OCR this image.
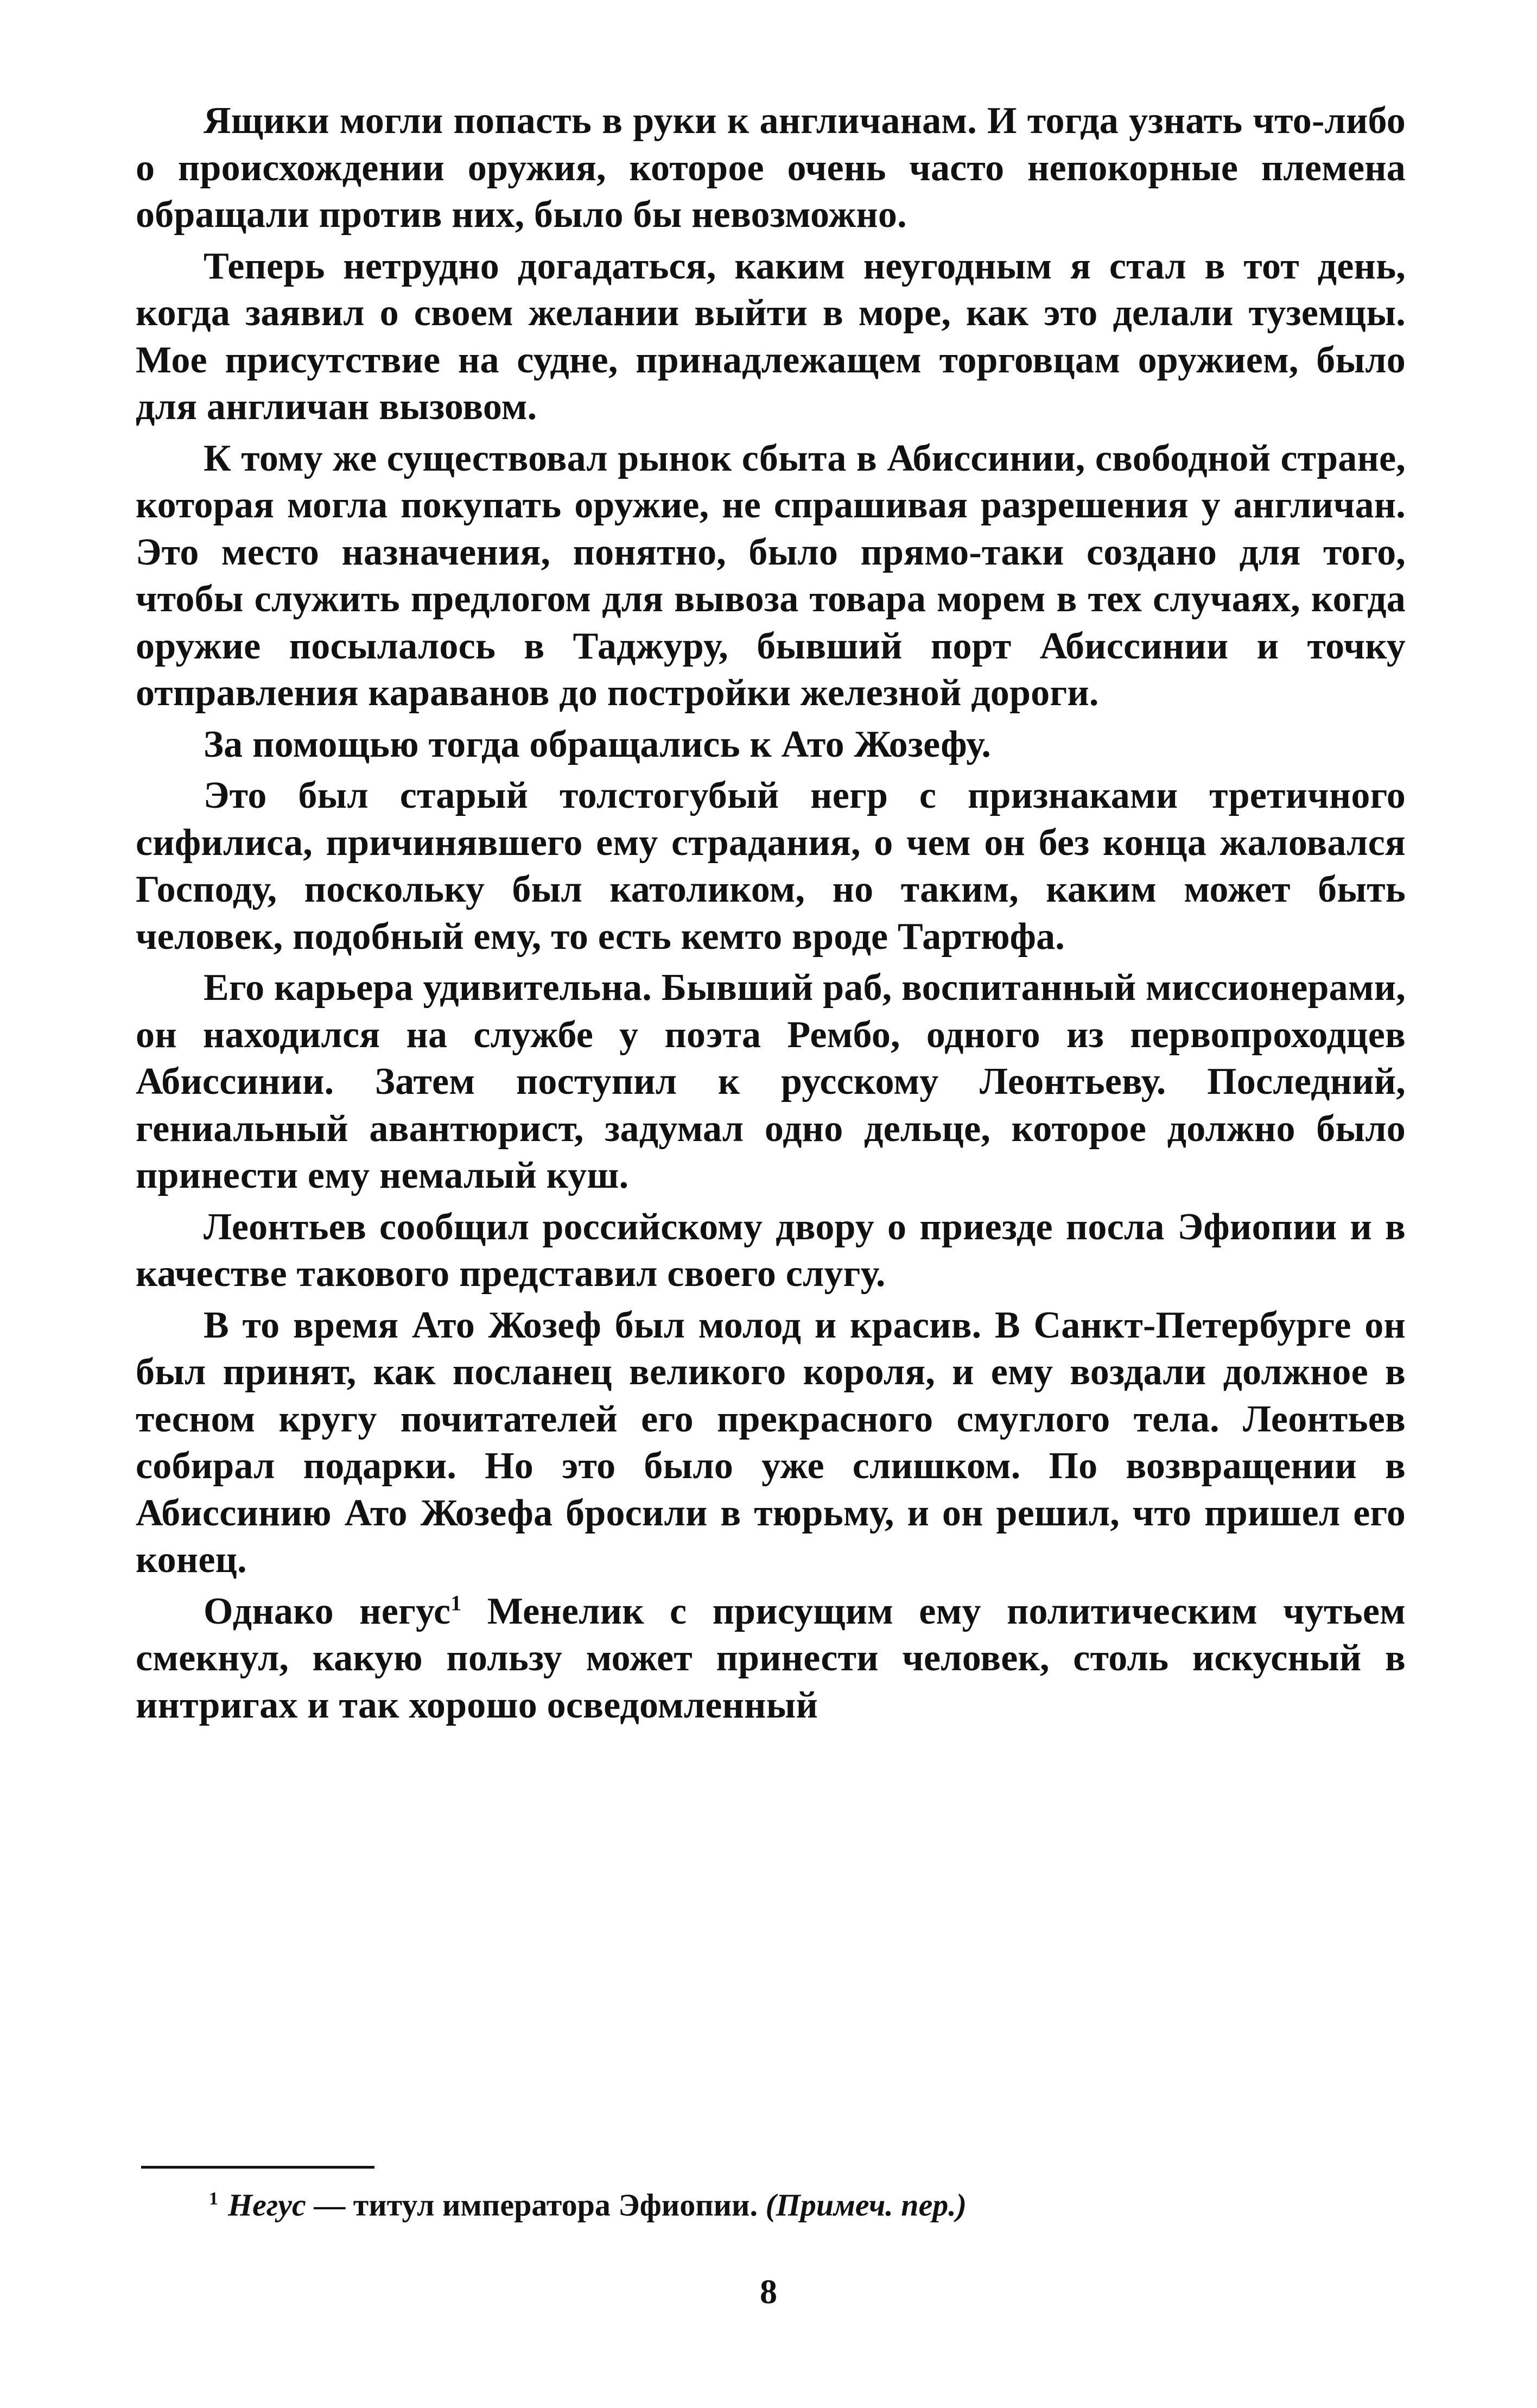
Ящики могли попасть в руки к англичанам. И тогда узнать что-либо о происхождении оружия, которое очень часто непокорные племена обращали против них, было бы невозможно.

Теперь нетрудно догадаться, каким неугодным я стал в тот день, когда заявил о своем желании выйти в море, как это делали туземцы. Мое присутствие на судне, принадлежащем торговцам оружием, было для англичан вызовом.

К тому же существовал рынок сбыта в Абиссинии, свободной стране, которая могла покупать оружие, не спрашивая разрешения у англичан. Это место назначения, понятно, было прямо-таки создано для того, чтобы служить предлогом для вывоза товара морем в тех случаях, когда оружие посылалось в Таджуру, бывший порт Абиссинии и точку отправления караванов до постройки железной дороги.

За помощью тогда обращались к Ато Жозефу.

Это был старый толстогубый негр с признаками третичного сифилиса, причинявшего ему страдания, о чем он без конца жаловался Господу, поскольку был католиком, но таким, каким может быть человек, подобный ему, то есть кемто вроде Тартюфа.

Его карьера удивительна. Бывший раб, воспитанный миссионерами, он находился на службе у поэта Рембо, одного из первопроходцев Абиссинии. Затем поступил к русскому Леонтьеву. Последний, гениальный авантюрист, задумал одно дельце, которое должно было принести ему немалый куш.

Леонтьев сообщил российскому двору о приезде посла Эфиопии и в качестве такового представил своего слугу.

В то время Ато Жозеф был молод и красив. В Санкт-Петербурге он был принят, как посланец великого короля, и ему воздали должное в тесном кругу почитателей его прекрасного смуглого тела. Леонтьев собирал подарки. Но это было уже слишком. По возвращении в Абиссинию Ато Жозефа бросили в тюрьму, и он решил, что пришел его конец.

Однако негус$^1$ Менелик с присущим ему политическим чутьем смекнул, какую пользу может принести человек, столь искусный в интригах и так хорошо осведомленный

$^1$ Негус — титул императора Эфиопии. (Примеч. пер.)
8
